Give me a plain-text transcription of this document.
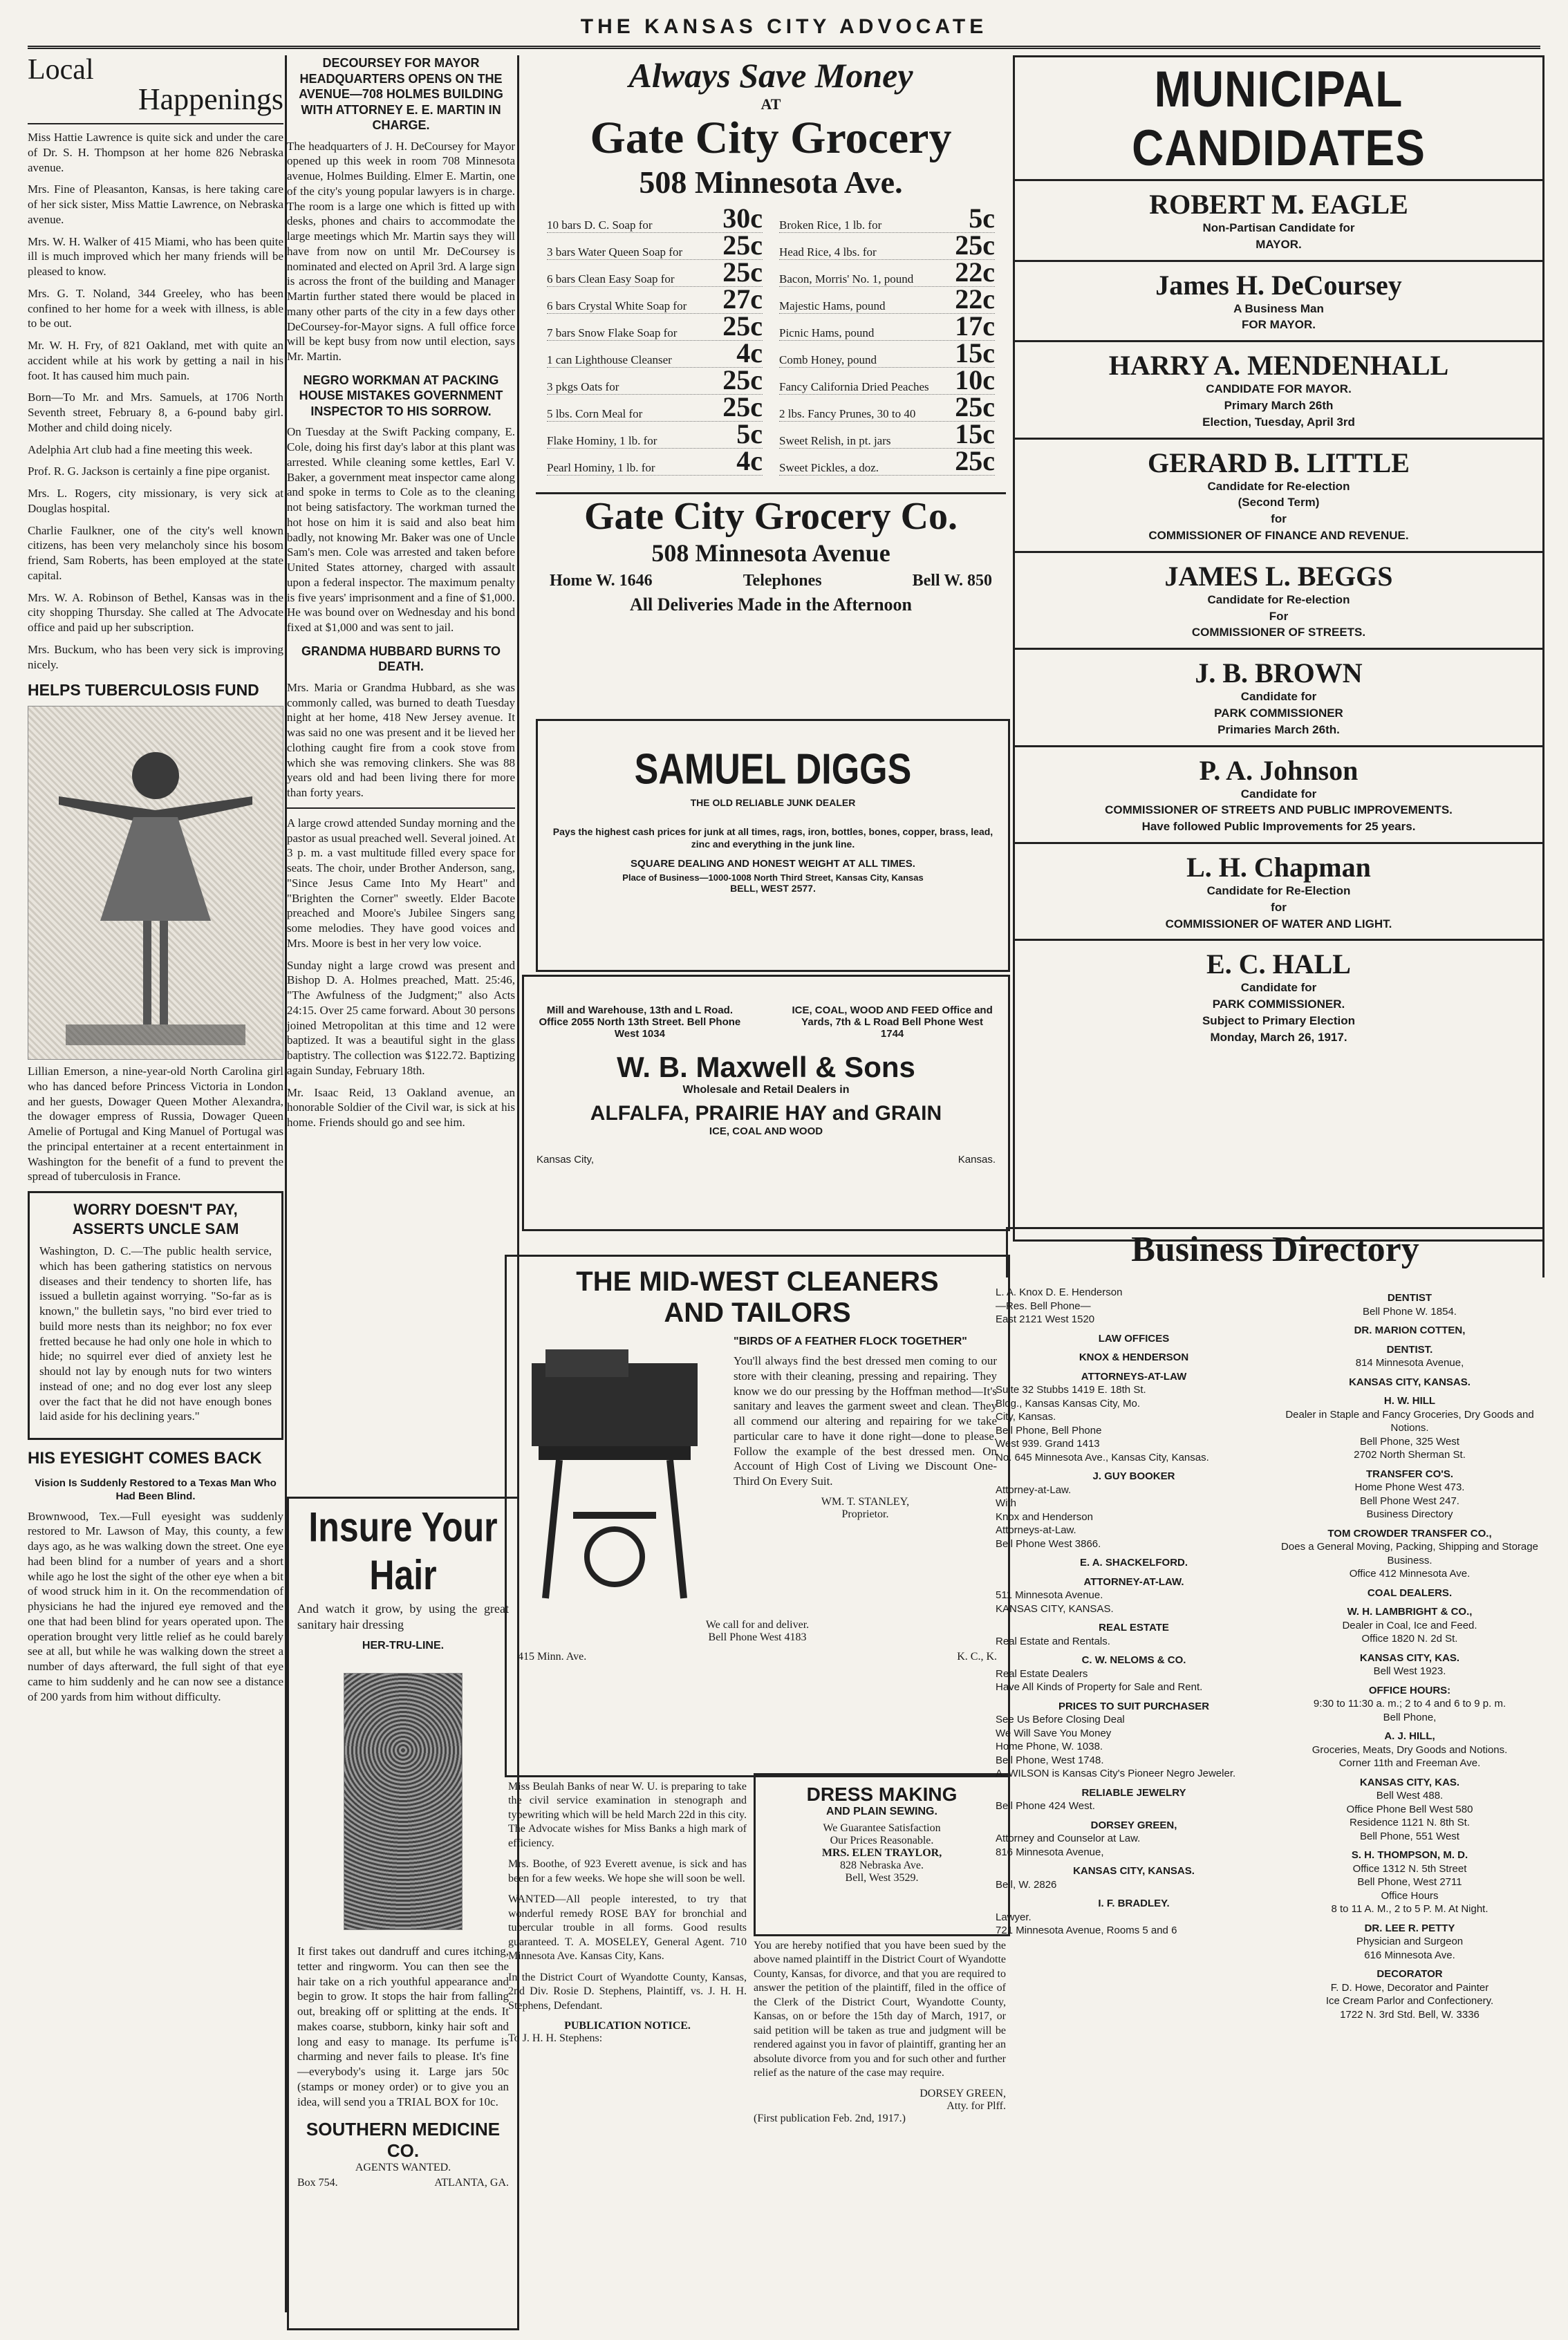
THE KANSAS CITY ADVOCATE
Local
Happenings

Miss Hattie Lawrence is quite sick and under the care of Dr. S. H. Thompson at her home 826 Nebraska avenue.

Mrs. Fine of Pleasanton, Kansas, is here taking care of her sick sister, Miss Mattie Lawrence, on Nebraska avenue.

Mrs. W. H. Walker of 415 Miami, who has been quite ill is much improved which her many friends will be pleased to know.

Mrs. G. T. Noland, 344 Greeley, who has been confined to her home for a week with illness, is able to be out.

Mr. W. H. Fry, of 821 Oakland, met with quite an accident while at his work by getting a nail in his foot. It has caused him much pain.

Born—To Mr. and Mrs. Samuels, at 1706 North Seventh street, February 8, a 6-pound baby girl. Mother and child doing nicely.

Adelphia Art club had a fine meeting this week.

Prof. R. G. Jackson is certainly a fine pipe organist.

Mrs. L. Rogers, city missionary, is very sick at Douglas hospital.

Charlie Faulkner, one of the city's well known citizens, has been very melancholy since his bosom friend, Sam Roberts, has been employed at the state capital.

Mrs. W. A. Robinson of Bethel, Kansas was in the city shopping Thursday. She called at The Advocate office and paid up her subscription.

Mrs. Buckum, who has been very sick is improving nicely.

HELPS TUBERCULOSIS FUND

Lillian Emerson, a nine-year-old North Carolina girl who has danced before Princess Victoria in London and her guests, Dowager Queen Mother Alexandra, the dowager empress of Russia, Dowager Queen Amelie of Portugal and King Manuel of Portugal was the principal entertainer at a recent entertainment in Washington for the benefit of a fund to prevent the spread of tuberculosis in France.

WORRY DOESN'T PAY, ASSERTS UNCLE SAM

Washington, D. C.—The public health service, which has been gathering statistics on nervous diseases and their tendency to shorten life, has issued a bulletin against worrying. "So-far as is known," the bulletin says, "no bird ever tried to build more nests than its neighbor; no fox ever fretted because he had only one hole in which to hide; no squirrel ever died of anxiety lest he should not lay by enough nuts for two winters instead of one; and no dog ever lost any sleep over the fact that he did not have enough bones laid aside for his declining years."

HIS EYESIGHT COMES BACK
Vision Is Suddenly Restored to a Texas Man Who Had Been Blind.

Brownwood, Tex.—Full eyesight was suddenly restored to Mr. Lawson of May, this county, a few days ago, as he was walking down the street. One eye had been blind for a number of years and a short while ago he lost the sight of the other eye when a bit of wood struck him in it. On the recommendation of physicians he had the injured eye removed and the one that had been blind for years operated upon. The operation brought very little relief as he could barely see at all, but while he was walking down the street a number of days afterward, the full sight of that eye came to him suddenly and he can now see a distance of 200 yards from him without difficulty.

DECOURSEY FOR MAYOR HEADQUARTERS OPENS ON THE AVENUE—708 HOLMES BUILDING WITH ATTORNEY E. E. MARTIN IN CHARGE.

The headquarters of J. H. DeCoursey for Mayor opened up this week in room 708 Minnesota avenue, Holmes Building. Elmer E. Martin, one of the city's young popular lawyers is in charge. The room is a large one which is fitted up with desks, phones and chairs to accommodate the large meetings which Mr. Martin says they will have from now on until Mr. DeCoursey is nominated and elected on April 3rd. A large sign is across the front of the building and Manager Martin further stated there would be placed in many other parts of the city in a few days other DeCoursey-for-Mayor signs. A full office force will be kept busy from now until election, says Mr. Martin.

NEGRO WORKMAN AT PACKING HOUSE MISTAKES GOVERNMENT INSPECTOR TO HIS SORROW.

On Tuesday at the Swift Packing company, E. Cole, doing his first day's labor at this plant was arrested. While cleaning some kettles, Earl V. Baker, a government meat inspector came along and spoke in terms to Cole as to the cleaning not being satisfactory. The workman turned the hot hose on him it is said and also beat him badly, not knowing Mr. Baker was one of Uncle Sam's men. Cole was arrested and taken before United States attorney, charged with assault upon a federal inspector. The maximum penalty is five years' imprisonment and a fine of $1,000. He was bound over on Wednesday and his bond fixed at $1,000 and was sent to jail.

GRANDMA HUBBARD BURNS TO DEATH.

Mrs. Maria or Grandma Hubbard, as she was commonly called, was burned to death Tuesday night at her home, 418 New Jersey avenue. It was said no one was present and it be lieved her clothing caught fire from a cook stove from which she was removing clinkers. She was 88 years old and had been living there for more than forty years.

A large crowd attended Sunday morning and the pastor as usual preached well. Several joined. At 3 p. m. a vast multitude filled every space for seats. The choir, under Brother Anderson, sang, "Since Jesus Came Into My Heart" and "Brighten the Corner" sweetly. Elder Bacote preached and Moore's Jubilee Singers sang some melodies. They have good voices and Mrs. Moore is best in her very low voice.

Sunday night a large crowd was present and Bishop D. A. Holmes preached, Matt. 25:46, "The Awfulness of the Judgment;" also Acts 24:15. Over 25 came forward. About 30 persons joined Metropolitan at this time and 12 were baptized. It was a beautiful sight in the glass baptistry. The collection was $122.72. Baptizing again Sunday, February 18th.

Mr. Isaac Reid, 13 Oakland avenue, an honorable Soldier of the Civil war, is sick at his home. Friends should go and see him.

Insure Your Hair

And watch it grow, by using the great sanitary hair dressing

HER-TRU-LINE.

It first takes out dandruff and cures itching, tetter and ringworm. You can then see the hair take on a rich youthful appearance and begin to grow. It stops the hair from falling out, breaking off or splitting at the ends. It makes coarse, stubborn, kinky hair soft and long and easy to manage. Its perfume is charming and never fails to please. It's fine—everybody's using it. Large jars 50c (stamps or money order) or to give you an idea, will send you a TRIAL BOX for 10c.

SOUTHERN MEDICINE CO.
AGENTS WANTED.
Box 754.	ATLANTA, GA.
Always Save Money
AT
Gate City Grocery
508 Minnesota Ave.
10 bars D. C. Soap for	30c Broken Rice, 1 lb. for	5c
3 bars Water Queen Soap for 25c Head Rice, 4 lbs. for	25c
6 bars Clean Easy Soap for 25c Bacon, Morris' No. 1, pound 22c
6 bars Crystal White Soap for 27c Majestic Hams, pound	22c
7 bars Snow Flake Soap for 25c Picnic Hams, pound	17c
1 can Lighthouse Cleanser 4c Comb Honey, pound	15c
3 pkgs Oats for	25c Fancy California Dried Peaches 10c
5 lbs. Corn Meal for	25c 2 lbs. Fancy Prunes, 30 to 40 25c
Flake Hominy, 1 lb. for	5c Sweet Relish, in pt. jars 15c
Pearl Hominy, 1 lb. for	4c Sweet Pickles, a doz.	25c
Gate City Grocery Co.
508 Minnesota Avenue
Home W. 1646	Telephones	Bell W. 850
All Deliveries Made in the Afternoon
SAMUEL DIGGS
THE OLD RELIABLE JUNK DEALER

Pays the highest cash prices for junk at all times, rags, iron, bottles, bones, copper, brass, lead, zinc and everything in the junk line.

SQUARE DEALING AND HONEST WEIGHT AT ALL TIMES.
Place of Business—1000-1008 North Third Street, Kansas City, Kansas
BELL, WEST 2577.
Mill and Warehouse, 13th and L Road. Office 2055 North 13th Street. Bell Phone West 1034
ICE, COAL, WOOD AND FEED Office and Yards, 7th & L Road Bell Phone West 1744
W. B. Maxwell & Sons
Wholesale and Retail Dealers in
ALFALFA, PRAIRIE HAY and GRAIN
ICE, COAL AND WOOD
Kansas City,	Kansas.
THE MID-WEST CLEANERS
AND TAILORS
"BIRDS OF A FEATHER FLOCK TOGETHER"

You'll always find the best dressed men coming to our store with their cleaning, pressing and repairing. They know we do our pressing by the Hoffman method—It's sanitary and leaves the garment sweet and clean. They all commend our altering and repairing for we take particular care to have it done right—done to please. Follow the example of the best dressed men. On Account of High Cost of Living we Discount One-Third On Every Suit.

WM. T. STANLEY,
Proprietor.
We call for and deliver.
Bell Phone West 4183
415 Minn. Ave.	K. C., K.

Miss Beulah Banks of near W. U. is preparing to take the civil service examination in stenograph and typewriting which will be held March 22d in this city. The Advocate wishes for Miss Banks a high mark of efficiency.

Mrs. Boothe, of 923 Everett avenue, is sick and has been for a few weeks. We hope she will soon be well.

WANTED—All people interested, to try that wonderful remedy ROSE BAY for bronchial and tubercular trouble in all forms. Good results guaranteed. T. A. MOSELEY, General Agent. 710 Minnesota Ave. Kansas City, Kans.

In the District Court of Wyandotte County, Kansas, 2nd Div. Rosie D. Stephens, Plaintiff, vs. J. H. H. Stephens, Defendant.

PUBLICATION NOTICE.
To J. H. H. Stephens:
DRESS MAKING
AND PLAIN SEWING.
We Guarantee Satisfaction
Our Prices Reasonable.
MRS. ELEN TRAYLOR,
828 Nebraska Ave.
Bell, West 3529.

You are hereby notified that you have been sued by the above named plaintiff in the District Court of Wyandotte County, Kansas, for divorce, and that you are required to answer the petition of the plaintiff, filed in the office of the Clerk of the District Court, Wyandotte County, Kansas, on or before the 15th day of March, 1917, or said petition will be taken as true and judgment will be rendered against you in favor of plaintiff, granting her an absolute divorce from you and for such other and further relief as the nature of the case may require.

DORSEY GREEN,
Atty. for Plff.
(First publication Feb. 2nd, 1917.)
MUNICIPAL CANDIDATES
ROBERT M. EAGLE
Non-Partisan Candidate for
MAYOR.
James H. DeCoursey
A Business Man
FOR MAYOR.
HARRY A. MENDENHALL
CANDIDATE FOR MAYOR.
Primary March 26th
Election, Tuesday, April 3rd
GERARD B. LITTLE
Candidate for Re-election
(Second Term)
for
COMMISSIONER OF FINANCE AND REVENUE.
JAMES L. BEGGS
Candidate for Re-election
For
COMMISSIONER OF STREETS.
J. B. BROWN
Candidate for
PARK COMMISSIONER
Primaries March 26th.
P. A. Johnson
Candidate for
COMMISSIONER OF STREETS AND PUBLIC IMPROVEMENTS.
Have followed Public Improvements for 25 years.
L. H. Chapman
Candidate for Re-Election
for
COMMISSIONER OF WATER AND LIGHT.
E. C. HALL
Candidate for
PARK COMMISSIONER.
Subject to Primary Election
Monday, March 26, 1917.
Business Directory
L. A. Knox D. E. Henderson
—Res. Bell Phone—
East 2121 West 1520
LAW OFFICES
KNOX & HENDERSON
ATTORNEYS-AT-LAW
Suite 32 Stubbs 1419 E. 18th St.
Bldg., Kansas Kansas City, Mo.
City, Kansas.
Bell Phone, Bell Phone
West 939. Grand 1413
No. 645 Minnesota Ave., Kansas City, Kansas.
J. GUY BOOKER
Attorney-at-Law.
With
Knox and Henderson
Attorneys-at-Law.
Bell Phone West 3866.
E. A. SHACKELFORD.
ATTORNEY-AT-LAW.
511 Minnesota Avenue.
KANSAS CITY, KANSAS.
REAL ESTATE
Real Estate and Rentals.
C. W. NELOMS & CO.
Real Estate Dealers
Have All Kinds of Property for Sale and Rent.
PRICES TO SUIT PURCHASER
See Us Before Closing Deal
We Will Save You Money
Home Phone, W. 1038.
Bell Phone, West 1748.
A. WILSON is Kansas City's Pioneer Negro Jeweler.
RELIABLE JEWELRY
Bell Phone 424 West.
DORSEY GREEN,
Attorney and Counselor at Law.
816 Minnesota Avenue,
KANSAS CITY, KANSAS.
Bell, W. 2826
I. F. BRADLEY.
Lawyer.
721 Minnesota Avenue, Rooms 5 and 6
DENTIST
Bell Phone W. 1854.
DR. MARION COTTEN,
DENTIST.
814 Minnesota Avenue,
KANSAS CITY, KANSAS.
H. W. HILL
Dealer in Staple and Fancy Groceries, Dry Goods and Notions.
Bell Phone, 325 West
2702 North Sherman St.
TRANSFER CO'S.
Home Phone West 473.
Bell Phone West 247.
Business Directory
TOM CROWDER TRANSFER CO.,
Does a General Moving, Packing, Shipping and Storage Business.
Office 412 Minnesota Ave.
COAL DEALERS.
W. H. LAMBRIGHT & CO.,
Dealer in Coal, Ice and Feed.
Office 1820 N. 2d St.
KANSAS CITY, KAS.
Bell West 1923.
OFFICE HOURS:
9:30 to 11:30 a. m.; 2 to 4 and 6 to 9 p. m.
Bell Phone,
A. J. HILL,
Groceries, Meats, Dry Goods and Notions.
Corner 11th and Freeman Ave.
KANSAS CITY, KAS.
Bell West 488.
Office Phone Bell West 580
Residence 1121 N. 8th St.
Bell Phone, 551 West
S. H. THOMPSON, M. D.
Office 1312 N. 5th Street
Bell Phone, West 2711
Office Hours
8 to 11 A. M., 2 to 5 P. M. At Night.
DR. LEE R. PETTY
Physician and Surgeon
616 Minnesota Ave.
DECORATOR
F. D. Howe, Decorator and Painter
Ice Cream Parlor and Confectionery.
1722 N. 3rd Std. Bell, W. 3336
